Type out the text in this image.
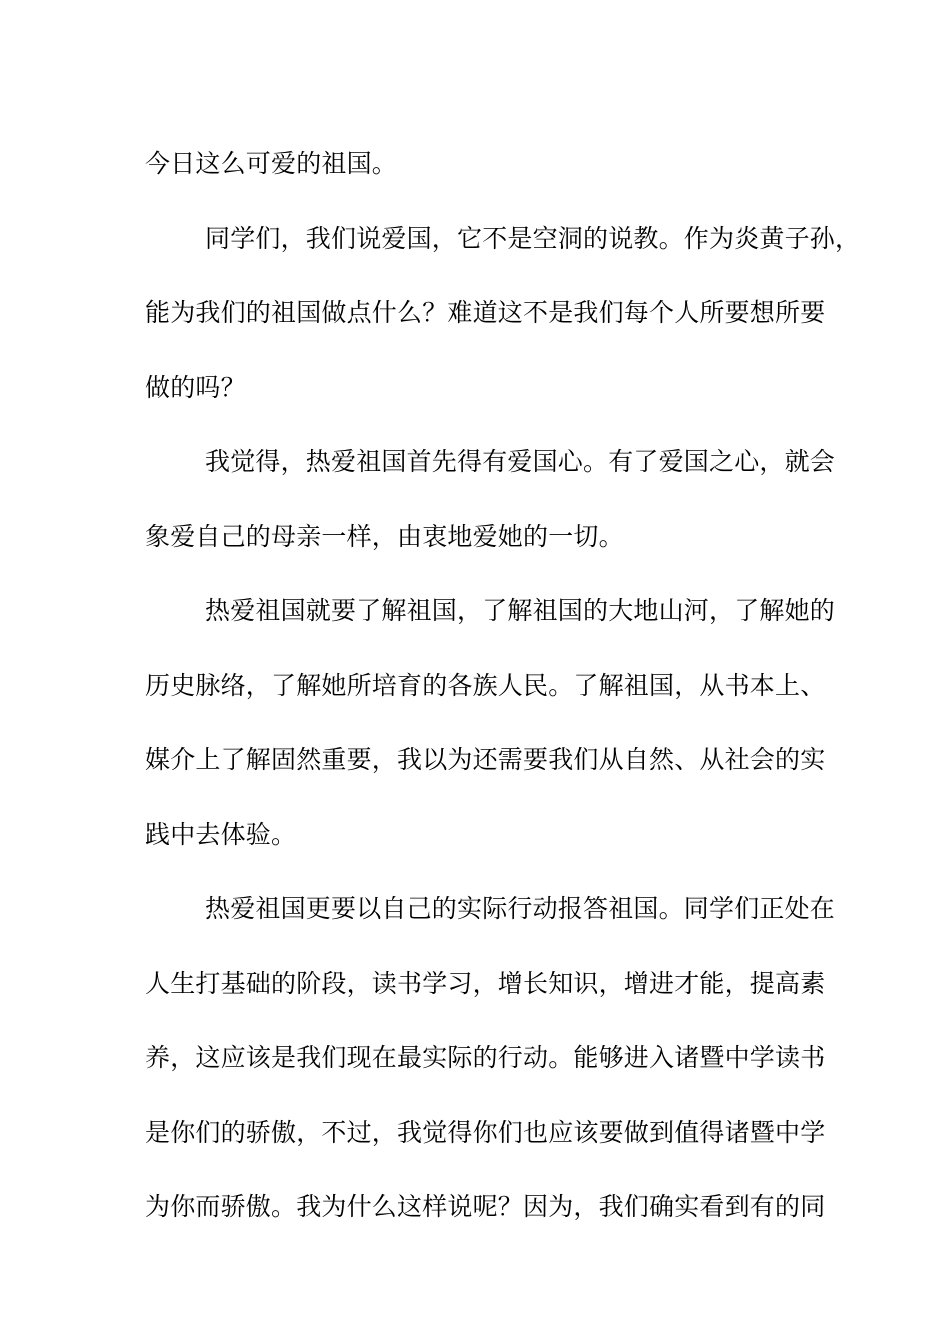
今日这么可爱的祖国。
同学们，我们说爱国，它不是空洞的说教。作为炎黄子孙，
能为我们的祖国做点什么？难道这不是我们每个人所要想所要
做的吗？
我觉得，热爱祖国首先得有爱国心。有了爱国之心，就会
象爱自己的母亲一样，由衷地爱她的一切。
热爱祖国就要了解祖国，了解祖国的大地山河，了解她的
历史脉络，了解她所培育的各族人民。了解祖国，从书本上、
媒介上了解固然重要，我以为还需要我们从自然、从社会的实
践中去体验。
热爱祖国更要以自己的实际行动报答祖国。同学们正处在
人生打基础的阶段，读书学习，增长知识，增进才能，提高素
养，这应该是我们现在最实际的行动。能够进入诸暨中学读书
是你们的骄傲，不过，我觉得你们也应该要做到值得诸暨中学
为你而骄傲。我为什么这样说呢？因为，我们确实看到有的同
